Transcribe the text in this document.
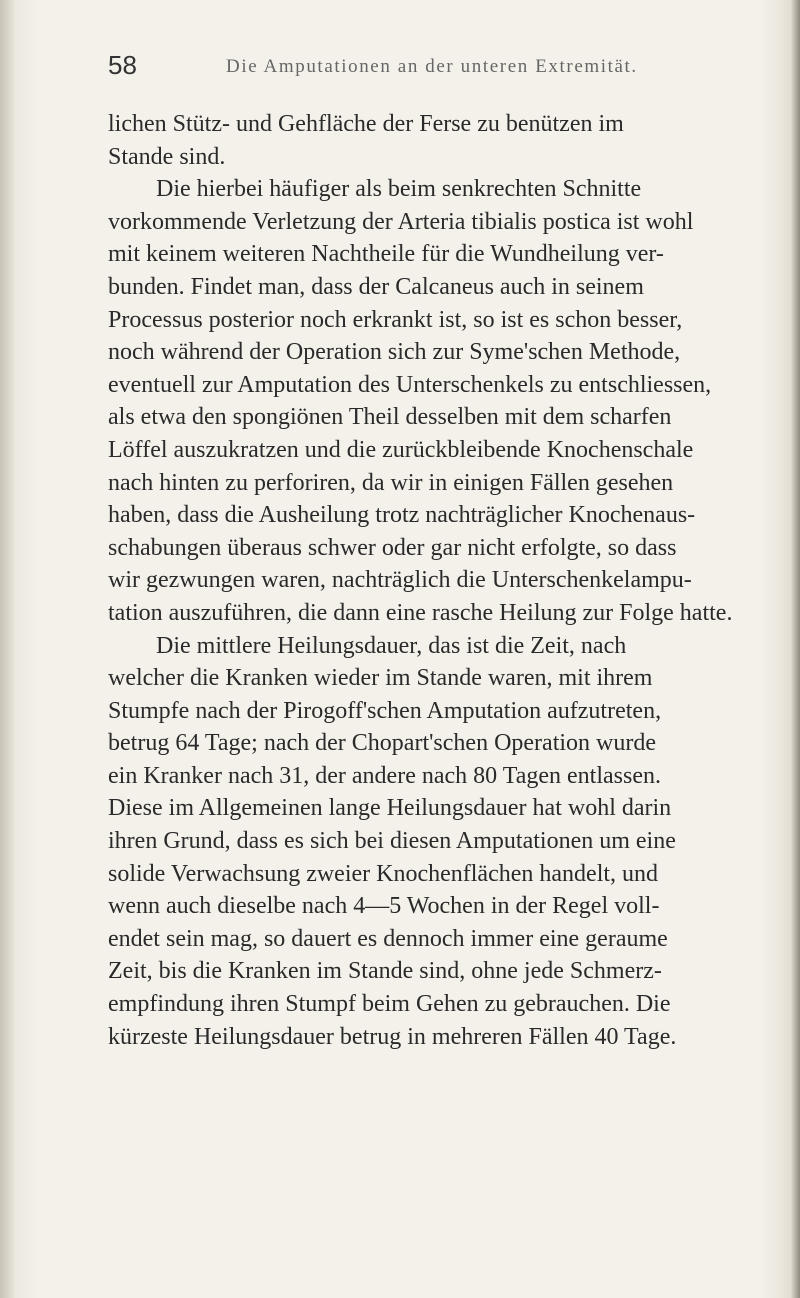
58	Die Amputationen an der unteren Extremität.

lichen Stütz- und Gehfläche der Ferse zu benützen im
Stande sind.

Die hierbei häufiger als beim senkrechten Schnitte
vorkommende Verletzung der Arteria tibialis postica ist wohl
mit keinem weiteren Nachtheile für die Wundheilung ver-
bunden. Findet man, dass der Calcaneus auch in seinem
Processus posterior noch erkrankt ist, so ist es schon besser,
noch während der Operation sich zur Syme'schen Methode,
eventuell zur Amputation des Unterschenkels zu entschliessen,
als etwa den spongiönen Theil desselben mit dem scharfen
Löffel auszukratzen und die zurückbleibende Knochenschale
nach hinten zu perforiren, da wir in einigen Fällen gesehen
haben, dass die Ausheilung trotz nachträglicher Knochenaus-
schabungen überaus schwer oder gar nicht erfolgte, so dass
wir gezwungen waren, nachträglich die Unterschenkelampu-
tation auszuführen, die dann eine rasche Heilung zur Folge hatte.

Die mittlere Heilungsdauer, das ist die Zeit, nach
welcher die Kranken wieder im Stande waren, mit ihrem
Stumpfe nach der Pirogoff'schen Amputation aufzutreten,
betrug 64 Tage; nach der Chopart'schen Operation wurde
ein Kranker nach 31, der andere nach 80 Tagen entlassen.
Diese im Allgemeinen lange Heilungsdauer hat wohl darin
ihren Grund, dass es sich bei diesen Amputationen um eine
solide Verwachsung zweier Knochenflächen handelt, und
wenn auch dieselbe nach 4—5 Wochen in der Regel voll-
endet sein mag, so dauert es dennoch immer eine geraume
Zeit, bis die Kranken im Stande sind, ohne jede Schmerz-
empfindung ihren Stumpf beim Gehen zu gebrauchen. Die
kürzeste Heilungsdauer betrug in mehreren Fällen 40 Tage.
